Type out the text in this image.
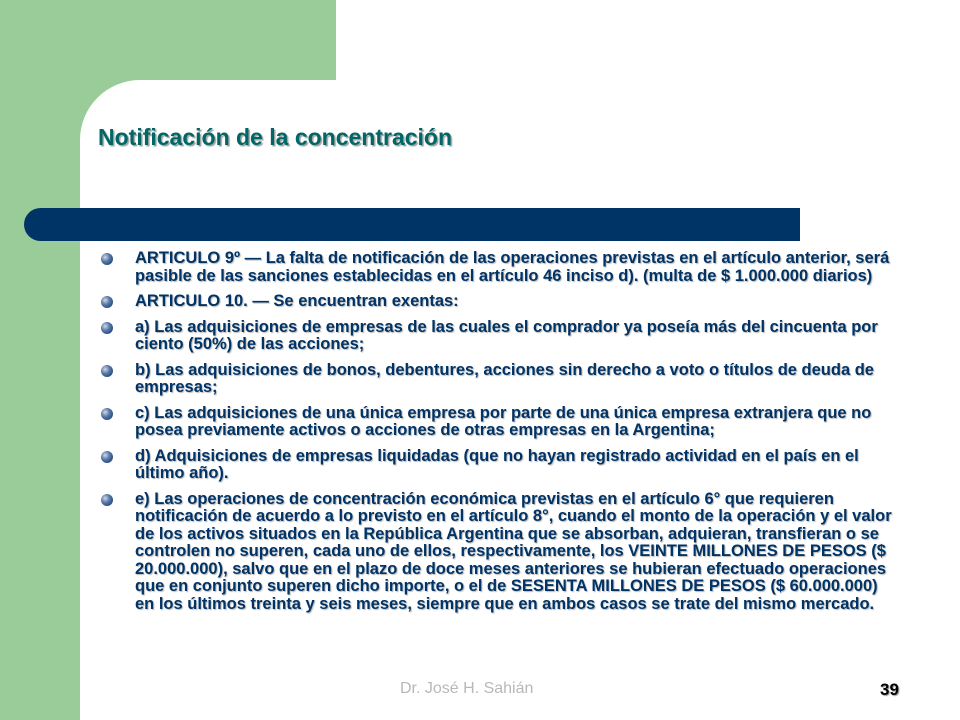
Notificación de la concentración
ARTICULO 9º — La falta de notificación de las operaciones previstas en el artículo anterior, será pasible de las sanciones establecidas en el artículo 46 inciso d). (multa de $ 1.000.000 diarios)
ARTICULO 10. — Se encuentran exentas:
a) Las adquisiciones de empresas de las cuales el comprador ya poseía más del cincuenta por ciento (50%) de las acciones;
b) Las adquisiciones de bonos, debentures, acciones sin derecho a voto o títulos de deuda de empresas;
c) Las adquisiciones de una única empresa por parte de una única empresa extranjera que no posea previamente activos o acciones de otras empresas en la Argentina;
d) Adquisiciones de empresas liquidadas (que no hayan registrado actividad en el país en el último año).
e) Las operaciones de concentración económica previstas en el artículo 6° que requieren notificación de acuerdo a lo previsto en el artículo 8°, cuando el monto de la operación y el valor de los activos situados en la República Argentina que se absorban, adquieran, transfieran o se controlen no superen, cada uno de ellos, respectivamente, los VEINTE MILLONES DE PESOS ($ 20.000.000), salvo que en el plazo de doce meses anteriores se hubieran efectuado operaciones que en conjunto superen dicho importe, o el de SESENTA MILLONES DE PESOS ($ 60.000.000) en los últimos treinta y seis meses, siempre que en ambos casos se trate del mismo mercado.
Dr. José H. Sahián	39
